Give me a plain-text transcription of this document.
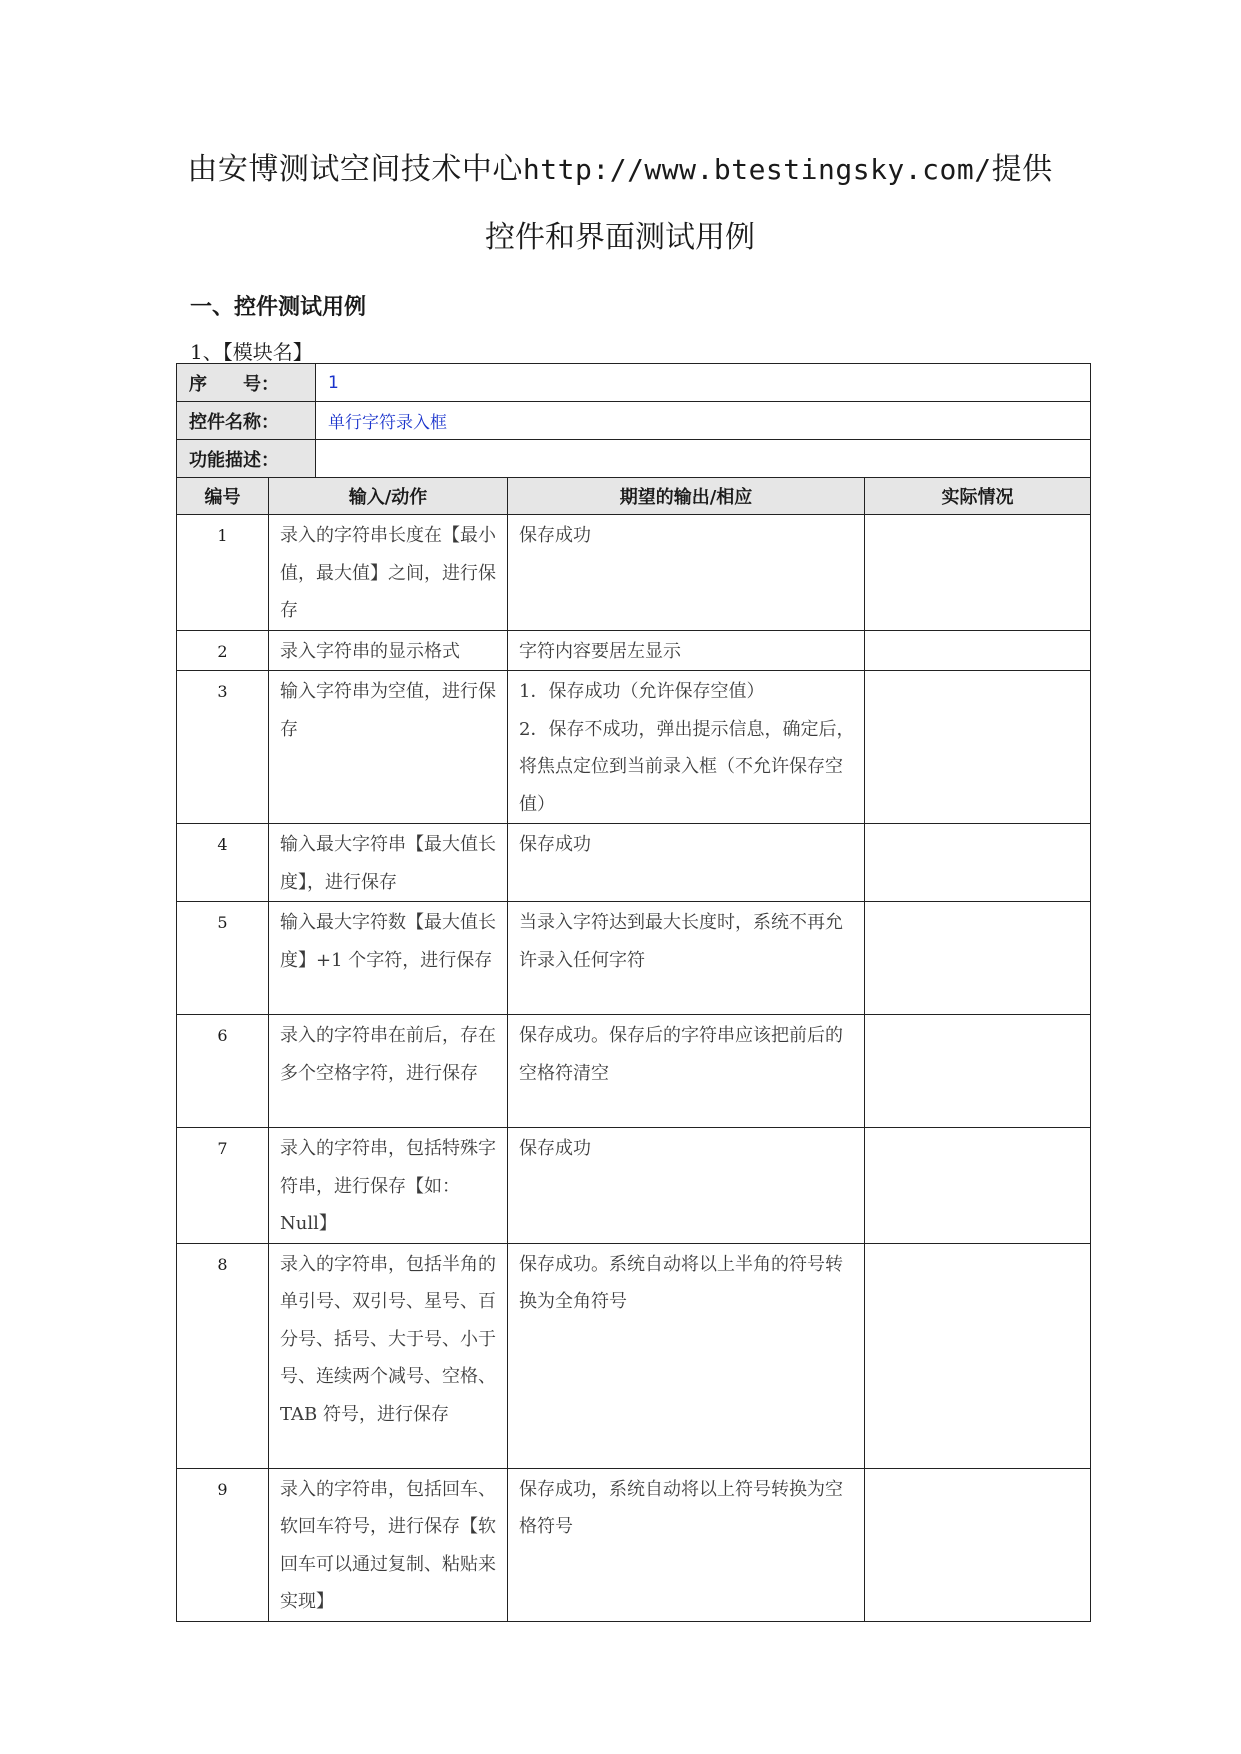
由安博测试空间技术中心http://www.btestingsky.com/提供
控件和界面测试用例
一、控件测试用例
1、【模块名】
序　　号：	1
控件名称：	单行字符录入框
功能描述：	
编号	输入/动作	期望的输出/相应	实际情况
1	录入的字符串长度在【最小值，最大值】之间，进行保存	保存成功	
2	录入字符串的显示格式	字符内容要居左显示	
3	输入字符串为空值，进行保存	1．保存成功（允许保存空值）
2．保存不成功，弹出提示信息，确定后，将焦点定位到当前录入框（不允许保存空值）	

4	输入最大字符串【最大值长度】，进行保存	保存成功	
5	输入最大字符数【最大值长度】+1 个字符，进行保存	当录入字符达到最大长度时，系统不再允许录入任何字符	
6	录入的字符串在前后，存在多个空格字符，进行保存	保存成功。保存后的字符串应该把前后的空格符清空	
7	录入的字符串，包括特殊字符串，进行保存【如：Null】	保存成功	
8	录入的字符串，包括半角的单引号、双引号、星号、百分号、括号、大于号、小于号、连续两个减号、空格、TAB 符号，进行保存	保存成功。系统自动将以上半角的符号转换为全角符号	
9	录入的字符串，包括回车、软回车符号，进行保存【软回车可以通过复制、粘贴来实现】	保存成功，系统自动将以上符号转换为空格符号	
